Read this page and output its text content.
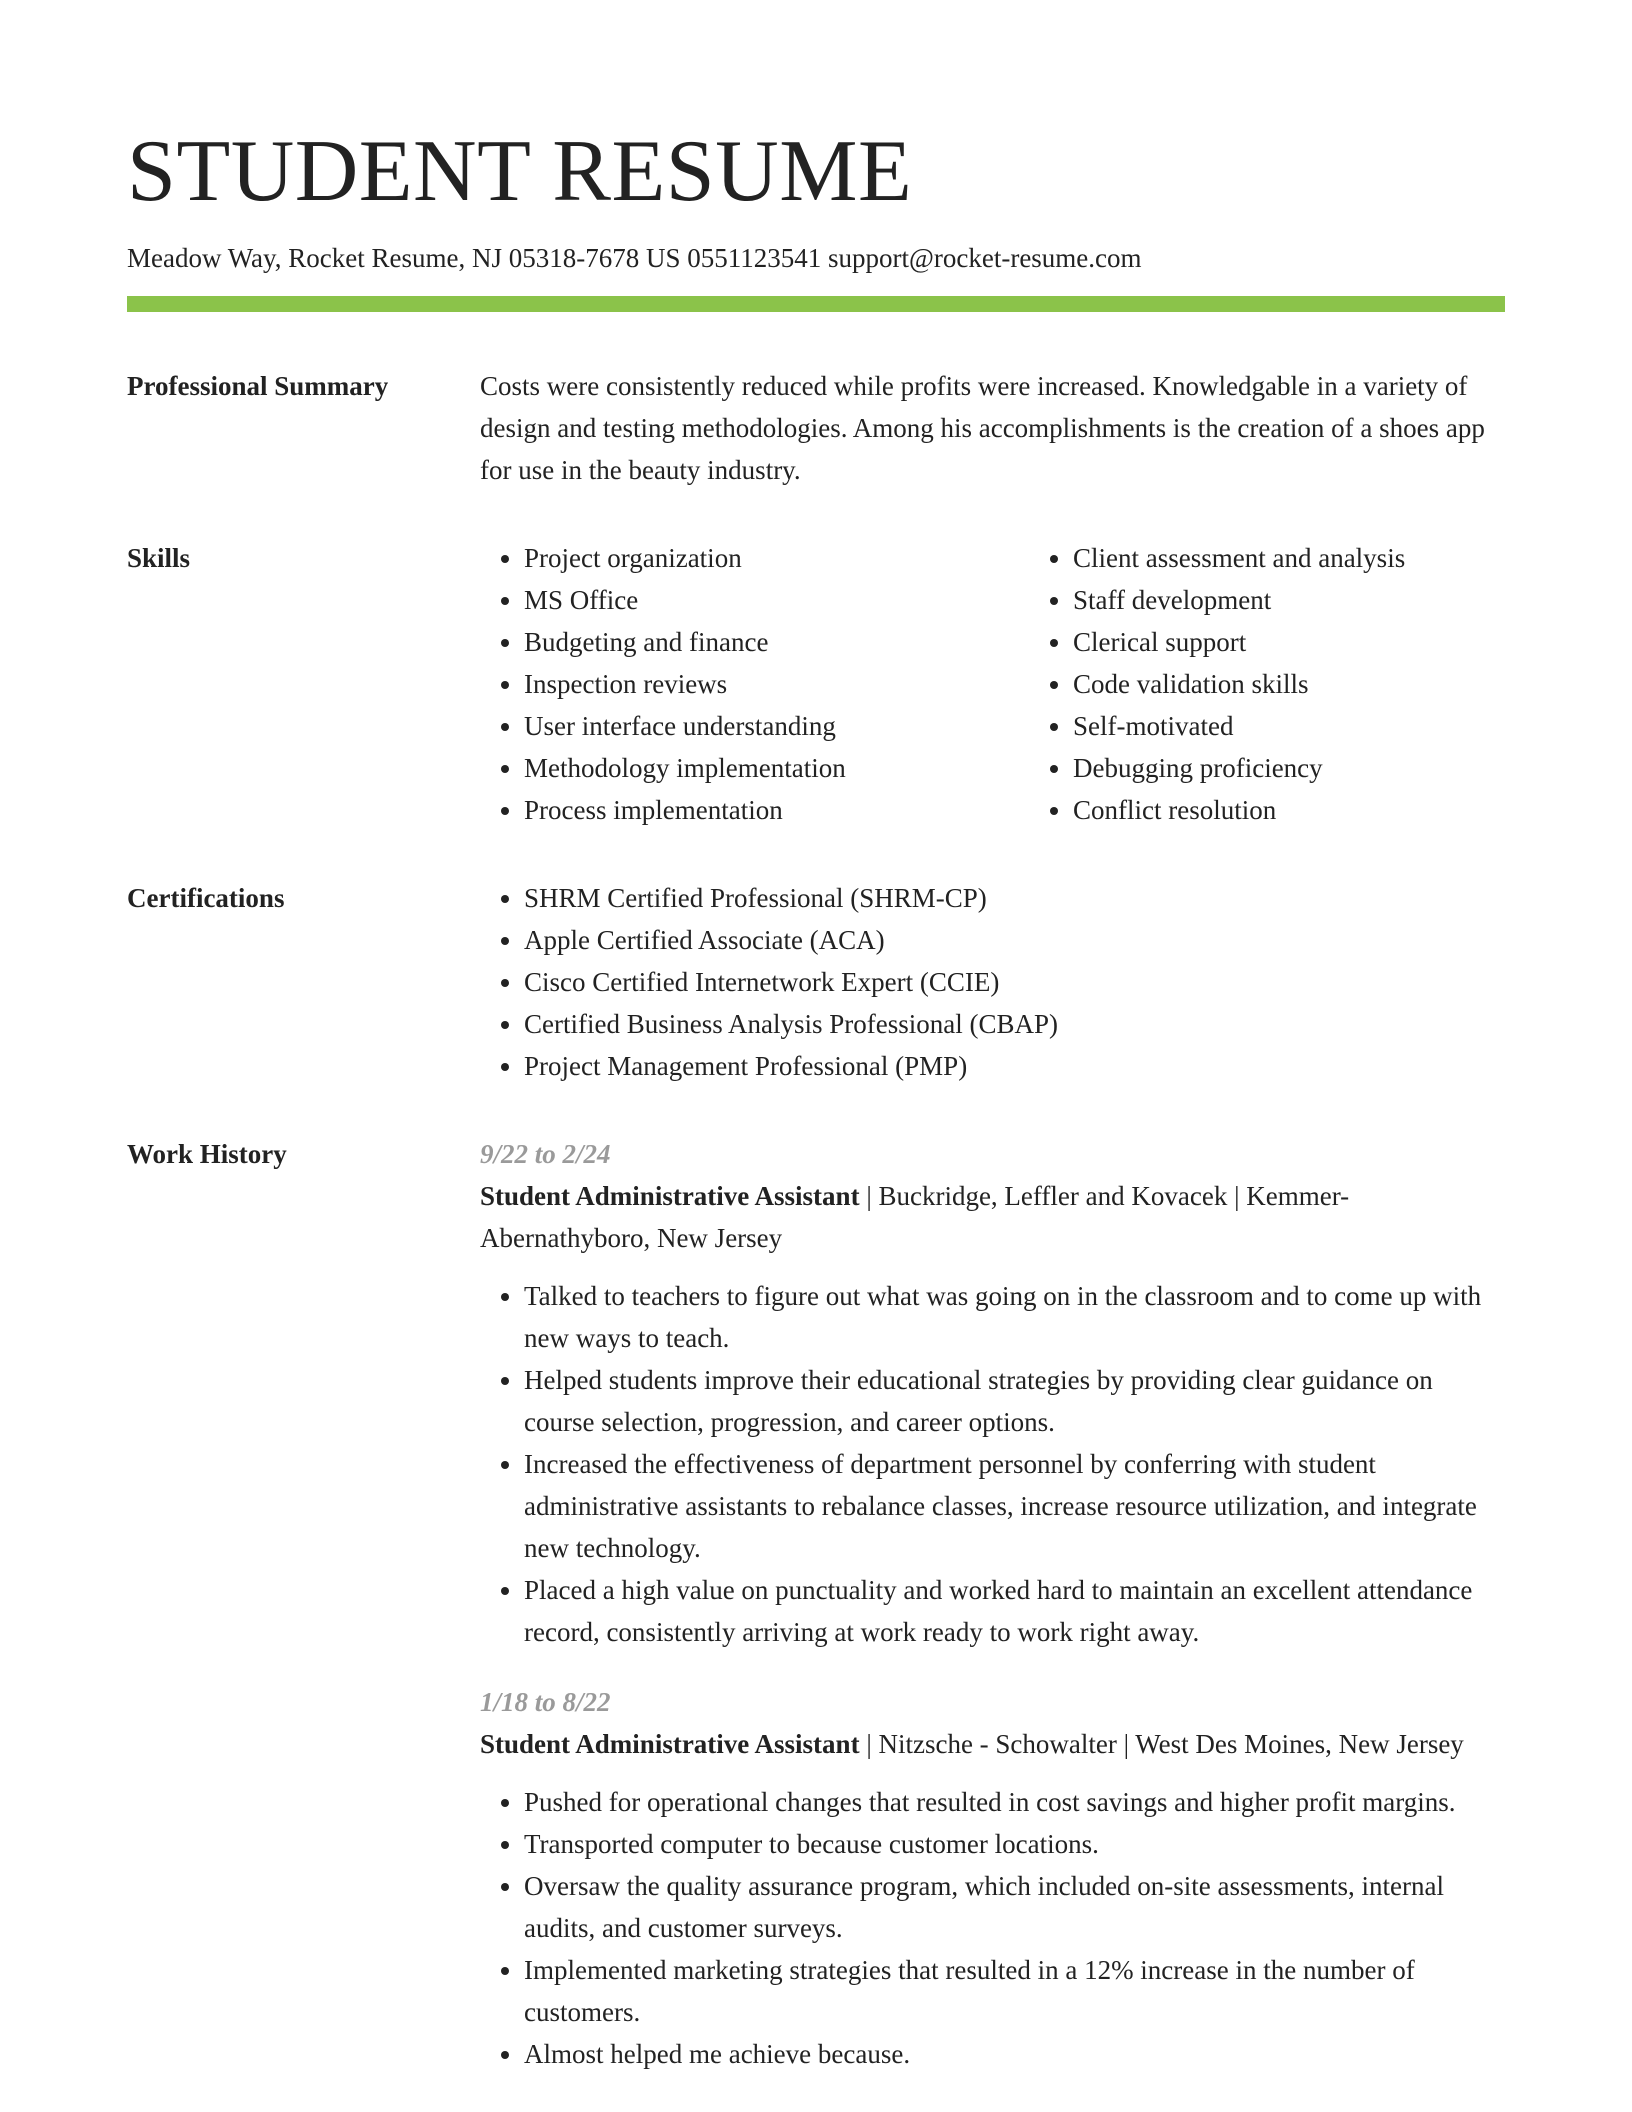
STUDENT RESUME
Meadow Way, Rocket Resume, NJ 05318-7678 US 0551123541 support@rocket-resume.com
Professional Summary	Costs were consistently reduced while profits were increased. Knowledgable in a variety of design and testing methodologies. Among his accomplishments is the creation of a shoes app for use in the beauty industry.

Skills	• Project organization
• MS Office
• Budgeting and finance
• Inspection reviews
• User interface understanding
• Methodology implementation
• Process implementation
• Client assessment and analysis
• Staff development
• Clerical support
• Code validation skills
• Self-motivated
• Debugging proficiency
• Conflict resolution
Certifications	• SHRM Certified Professional (SHRM-CP)
• Apple Certified Associate (ACA)
• Cisco Certified Internetwork Expert (CCIE)
• Certified Business Analysis Professional (CBAP)
• Project Management Professional (PMP)
Work History	9/22 to 2/24
Student Administrative Assistant | Buckridge, Leffler and Kovacek | Kemmer-Abernathyboro, New Jersey
• Talked to teachers to figure out what was going on in the classroom and to come up with new ways to teach.
• Helped students improve their educational strategies by providing clear guidance on course selection, progression, and career options.
• Increased the effectiveness of department personnel by conferring with student administrative assistants to rebalance classes, increase resource utilization, and integrate new technology.
• Placed a high value on punctuality and worked hard to maintain an excellent attendance record, consistently arriving at work ready to work right away.
1/18 to 8/22
Student Administrative Assistant | Nitzsche - Schowalter | West Des Moines, New Jersey
• Pushed for operational changes that resulted in cost savings and higher profit margins.
• Transported computer to because customer locations.
• Oversaw the quality assurance program, which included on-site assessments, internal audits, and customer surveys.
• Implemented marketing strategies that resulted in a 12% increase in the number of customers.
• Almost helped me achieve because.
